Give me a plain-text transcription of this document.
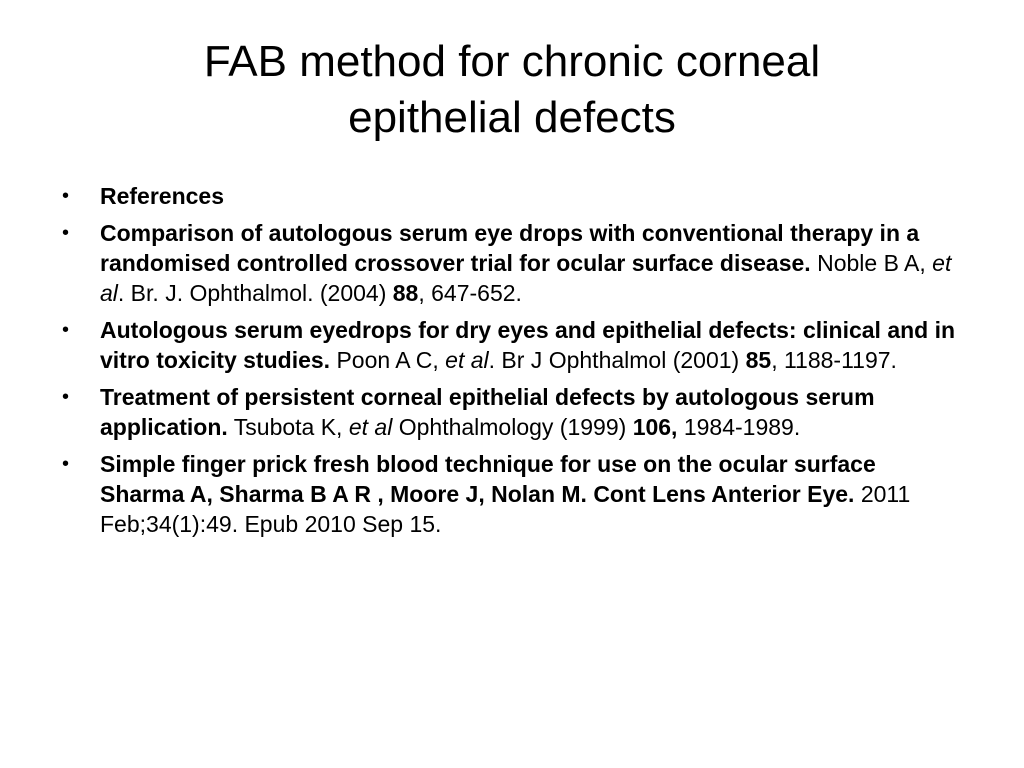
FAB method for chronic corneal
epithelial defects
• References
• Comparison of autologous serum eye drops with conventional therapy in a randomised controlled crossover trial for ocular surface disease. Noble B A, et al. Br. J. Ophthalmol. (2004) 88, 647-652.
• Autologous serum eyedrops for dry eyes and epithelial defects: clinical and in vitro toxicity studies. Poon A C, et al. Br J Ophthalmol (2001) 85, 1188-1197.
• Treatment of persistent corneal epithelial defects by autologous serum application. Tsubota K, et al Ophthalmology (1999) 106, 1984-1989.
• Simple finger prick fresh blood technique for use on the ocular surface Sharma A, Sharma B A R , Moore J, Nolan M. Cont Lens Anterior Eye. 2011 Feb;34(1):49. Epub 2010 Sep 15.
